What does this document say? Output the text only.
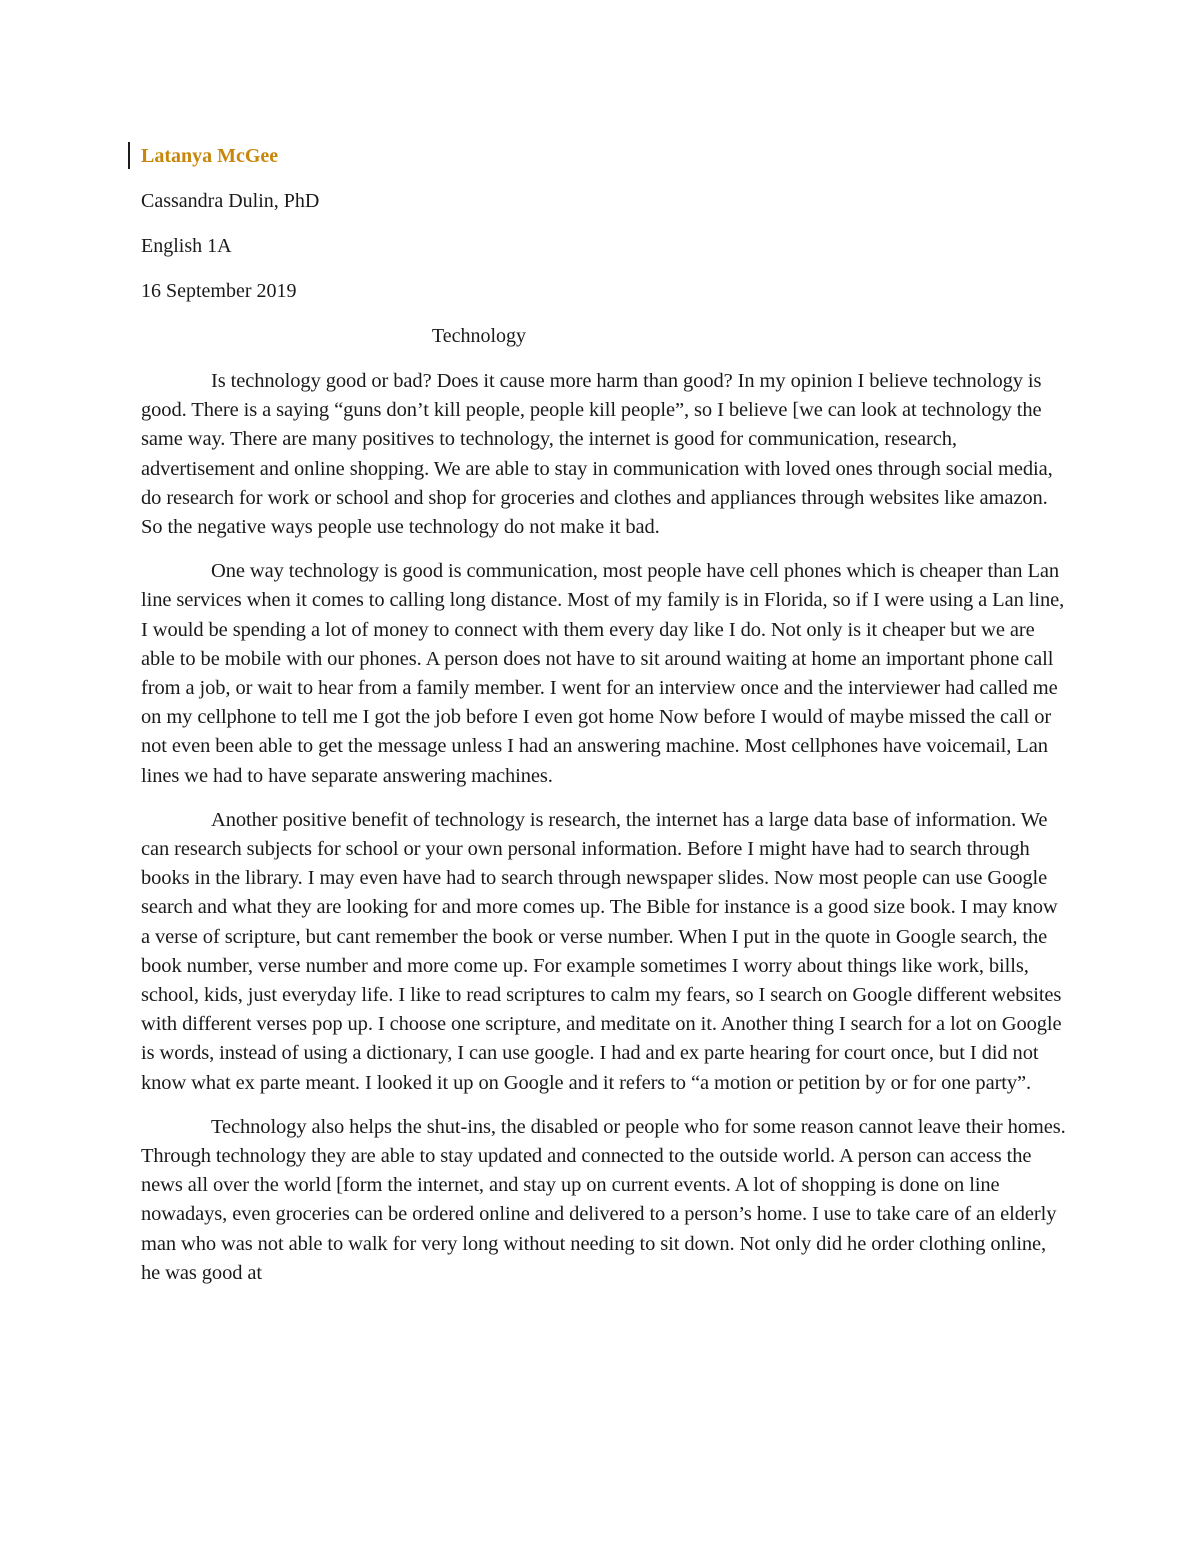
Latanya McGee
Cassandra Dulin, PhD
English 1A
16 September 2019
Technology

Is technology good or bad? Does it cause more harm than good? In my opinion I believe technology is good. There is a saying “guns don’t kill people, people kill people”, so I believe [we can look at technology the same way. There are many positives to technology, the internet is good for communication, research, advertisement and online shopping. We are able to stay in communication with loved ones through social media, do research for work or school and shop for groceries and clothes and appliances through websites like amazon. So the negative ways people use technology do not make it bad.

One way technology is good is communication, most people have cell phones which is cheaper than Lan line services when it comes to calling long distance. Most of my family is in Florida, so if I were using a Lan line, I would be spending a lot of money to connect with them every day like I do. Not only is it cheaper but we are able to be mobile with our phones. A person does not have to sit around waiting at home an important phone call from a job, or wait to hear from a family member. I went for an interview once and the interviewer had called me on my cellphone to tell me I got the job before I even got home Now before I would of maybe missed the call or not even been able to get the message unless I had an answering machine. Most cellphones have voicemail, Lan lines we had to have separate answering machines.

Another positive benefit of technology is research, the internet has a large data base of information. We can research subjects for school or your own personal information. Before I might have had to search through books in the library. I may even have had to search through newspaper slides. Now most people can use Google search and what they are looking for and more comes up. The Bible for instance is a good size book. I may know a verse of scripture, but cant remember the book or verse number. When I put in the quote in Google search, the book number, verse number and more come up. For example sometimes I worry about things like work, bills, school, kids, just everyday life. I like to read scriptures to calm my fears, so I search on Google different websites with different verses pop up. I choose one scripture, and meditate on it. Another thing I search for a lot on Google is words, instead of using a dictionary, I can use google. I had and ex parte hearing for court once, but I did not know what ex parte meant. I looked it up on Google and it refers to “a motion or petition by or for one party”.

Technology also helps the shut-ins, the disabled or people who for some reason cannot leave their homes. Through technology they are able to stay updated and connected to the outside world. A person can access the news all over the world [form the internet, and stay up on current events. A lot of shopping is done on line nowadays, even groceries can be ordered online and delivered to a person’s home. I use to take care of an elderly man who was not able to walk for very long without needing to sit down. Not only did he order clothing online, he was good at
